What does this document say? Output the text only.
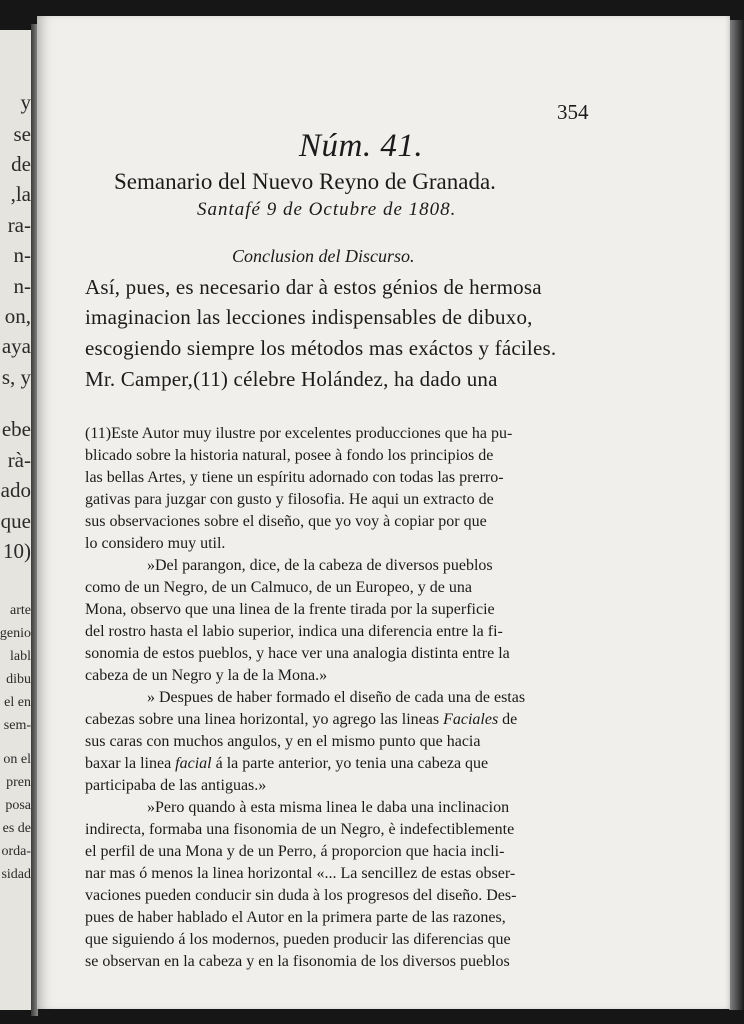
y
se
de
,la
ra-
n-
n-
on,
aya
s, y
ebe
rà-
ado
que
10)
arte
genio
labl
dibu
el en
sem-
on el
pren
posa
es de
orda-
sidad

354
Núm. 41.
Semanario del Nuevo Reyno de Granada.
Santafé 9 de Octubre de 1808.
Conclusion del Discurso.
Así, pues, es necesario dar à estos génios de hermosa
imaginacion las lecciones indispensables de dibuxo,
escogiendo siempre los métodos mas exáctos y fáciles.
Mr. Camper,(11) célebre Holández, ha dado una
(11)Este Autor muy ilustre por excelentes producciones que ha pu-
blicado sobre la historia natural, posee à fondo los principios de
las bellas Artes, y tiene un espíritu adornado con todas las prerro-
gativas para juzgar con gusto y filosofia. He aqui un extracto de
sus observaciones sobre el diseño, que yo voy à copiar por que
lo considero muy util.
»Del parangon, dice, de la cabeza de diversos pueblos
como de un Negro, de un Calmuco, de un Europeo, y de una
Mona, observo que una linea de la frente tirada por la superficie
del rostro hasta el labio superior, indica una diferencia entre la fi-
sonomia de estos pueblos, y hace ver una analogia distinta entre la
cabeza de un Negro y la de la Mona.»
» Despues de haber formado el diseño de cada una de estas
cabezas sobre una linea horizontal, yo agrego las lineas Faciales de
sus caras con muchos angulos, y en el mismo punto que hacia
baxar la linea facial á la parte anterior, yo tenia una cabeza que
participaba de las antiguas.»
»Pero quando à esta misma linea le daba una inclinacion
indirecta, formaba una fisonomia de un Negro, è indefectiblemente
el perfil de una Mona y de un Perro, á proporcion que hacia incli-
nar mas ó menos la linea horizontal «... La sencillez de estas obser-
vaciones pueden conducir sin duda à los progresos del diseño. Des-
pues de haber hablado el Autor en la primera parte de las razones,
que siguiendo á los modernos, pueden producir las diferencias que
se observan en la cabeza y en la fisonomia de los diversos pueblos
